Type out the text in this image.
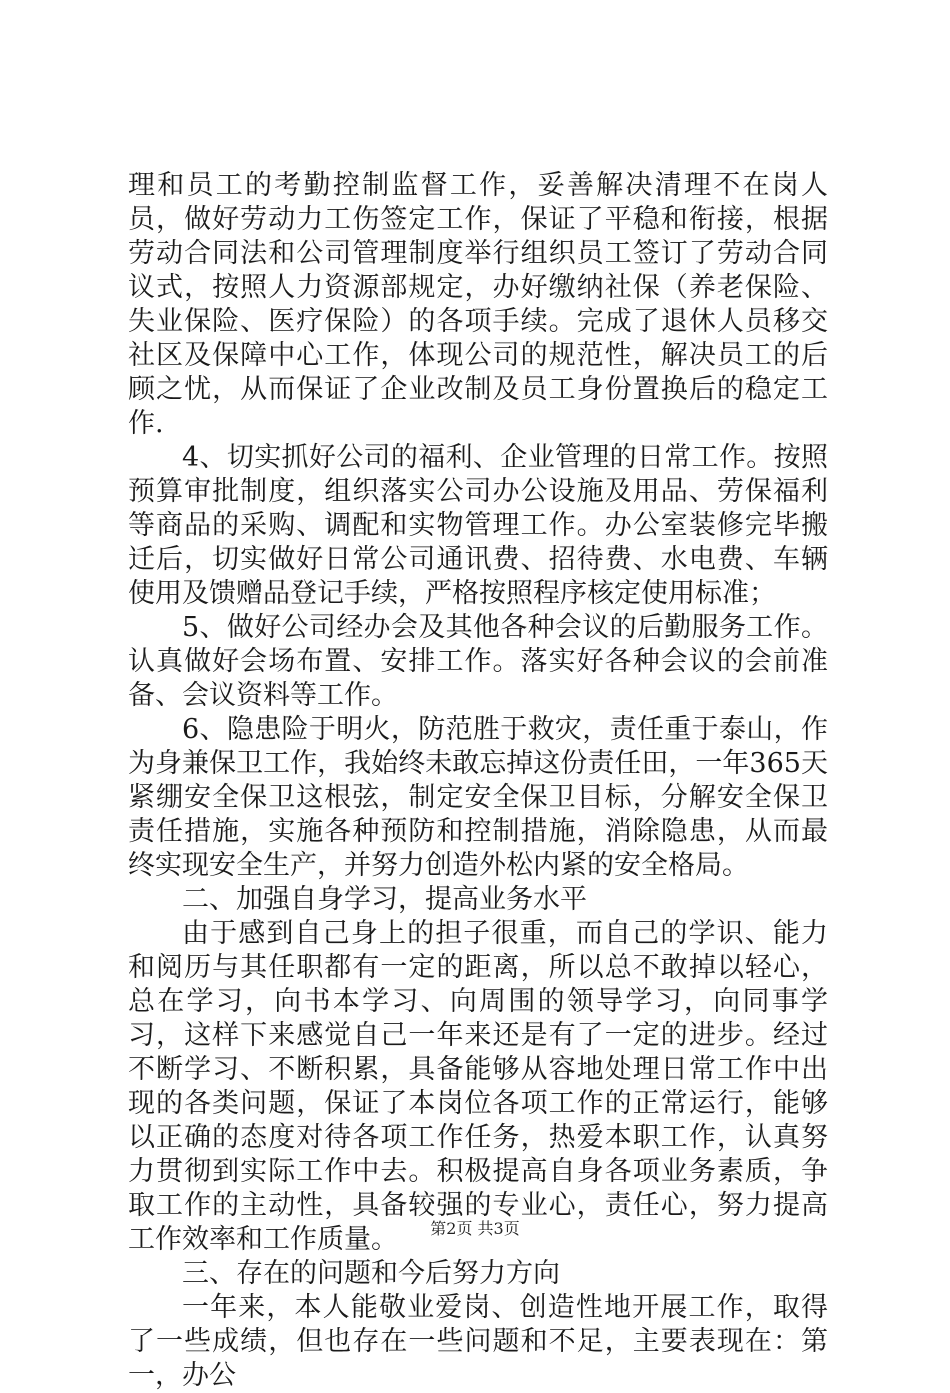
理和员工的考勤控制监督工作，妥善解决清理不在岗人员，做好劳动力工伤签定工作，保证了平稳和衔接，根据劳动合同法和公司管理制度举行组织员工签订了劳动合同议式，按照人力资源部规定，办好缴纳社保（养老保险、失业保险、医疗保险）的各项手续。完成了退休人员移交社区及保障中心工作，体现公司的规范性，解决员工的后顾之忧，从而保证了企业改制及员工身份置换后的稳定工作.

4、切实抓好公司的福利、企业管理的日常工作。按照预算审批制度，组织落实公司办公设施及用品、劳保福利等商品的采购、调配和实物管理工作。办公室装修完毕搬迁后，切实做好日常公司通讯费、招待费、水电费、车辆使用及馈赠品登记手续，严格按照程序核定使用标准；

5、做好公司经办会及其他各种会议的后勤服务工作。认真做好会场布置、安排工作。落实好各种会议的会前准备、会议资料等工作。

6、隐患险于明火，防范胜于救灾，责任重于泰山，作为身兼保卫工作，我始终未敢忘掉这份责任田，一年365天紧绷安全保卫这根弦，制定安全保卫目标，分解安全保卫责任措施，实施各种预防和控制措施，消除隐患，从而最终实现安全生产，并努力创造外松内紧的安全格局。

二、加强自身学习，提高业务水平

由于感到自己身上的担子很重，而自己的学识、能力和阅历与其任职都有一定的距离，所以总不敢掉以轻心，总在学习，向书本学习、向周围的领导学习，向同事学习，这样下来感觉自己一年来还是有了一定的进步。经过不断学习、不断积累，具备能够从容地处理日常工作中出现的各类问题，保证了本岗位各项工作的正常运行，能够以正确的态度对待各项工作任务，热爱本职工作，认真努力贯彻到实际工作中去。积极提高自身各项业务素质，争取工作的主动性，具备较强的专业心，责任心，努力提高工作效率和工作质量。

三、存在的问题和今后努力方向

一年来，本人能敬业爱岗、创造性地开展工作，取得了一些成绩，但也存在一些问题和不足，主要表现在：第一，办公

第2页 共3页
